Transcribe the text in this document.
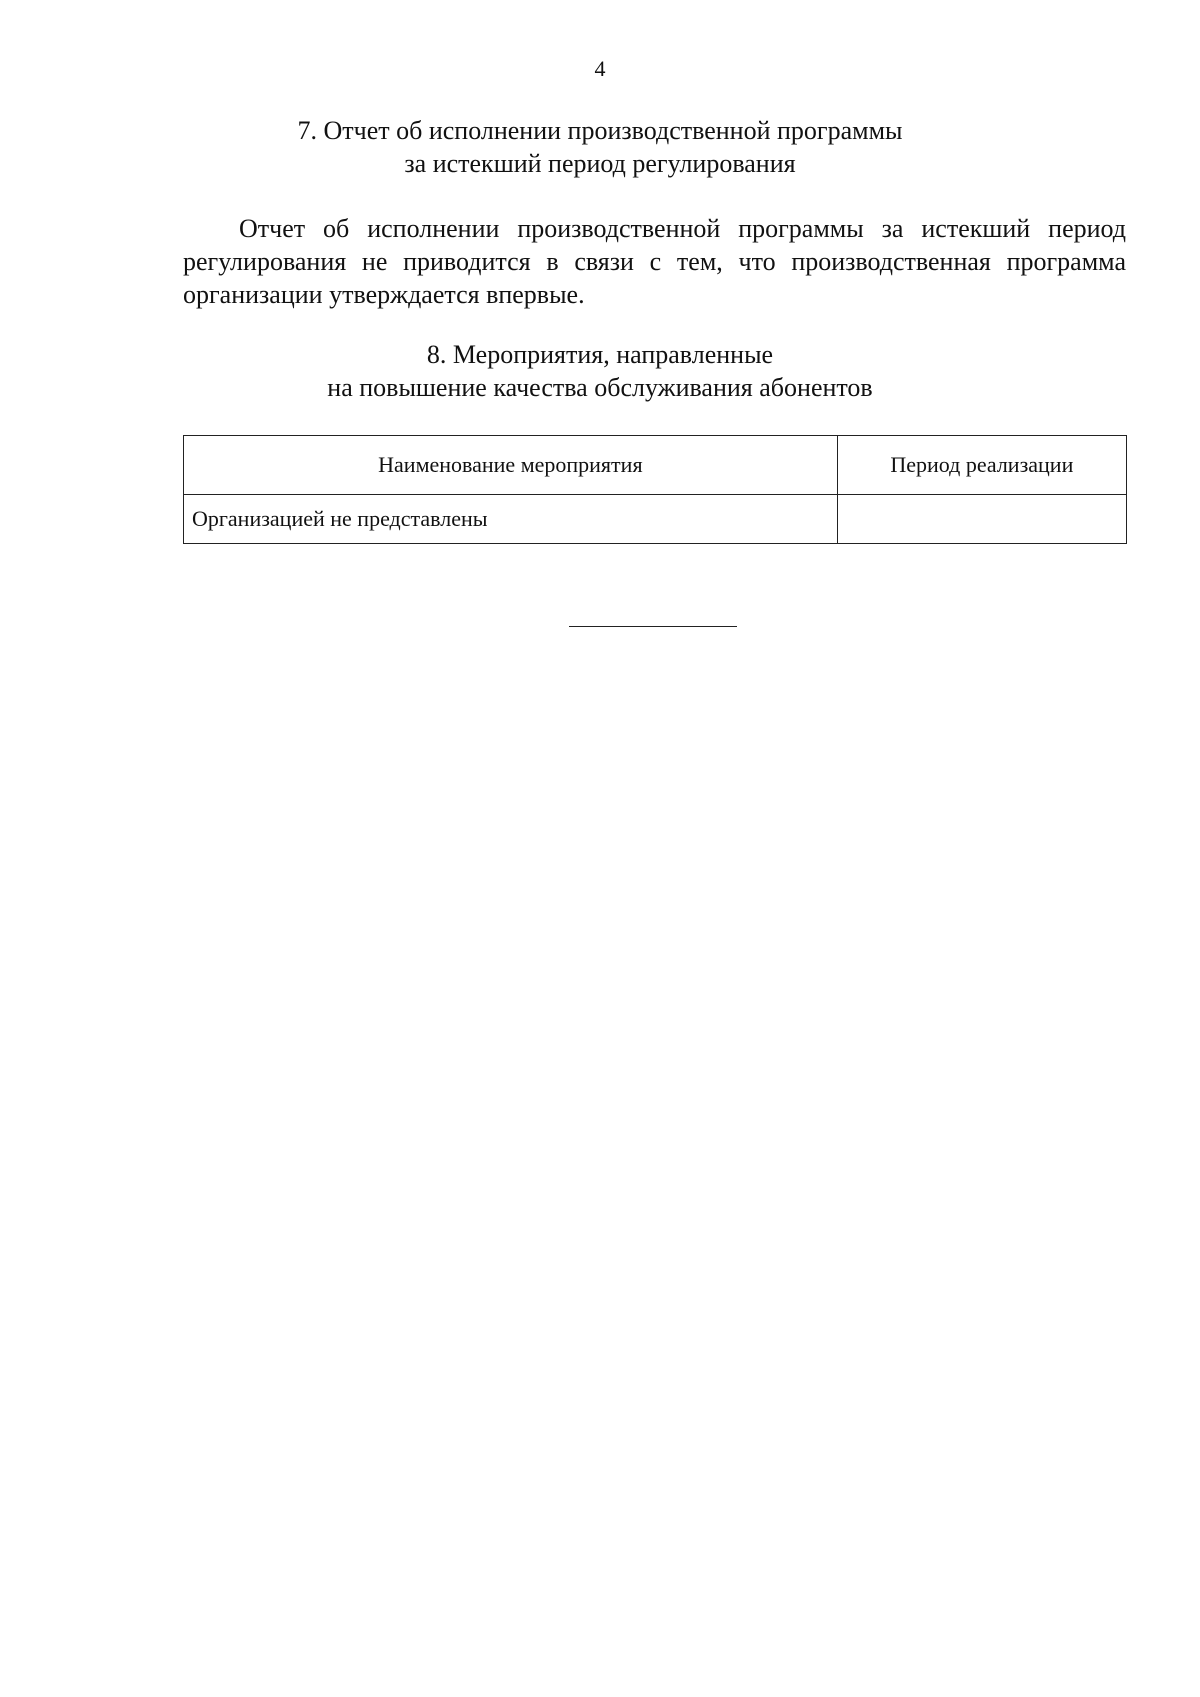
4
7. Отчет об исполнении производственной программы
за истекший период регулирования

Отчет об исполнении производственной программы за истекший период регулирования не приводится в связи с тем, что производственная программа организации утверждается впервые.

8. Мероприятия, направленные
на повышение качества обслуживания абонентов
Наименование мероприятия	Период реализации
Организацией не представлены	
